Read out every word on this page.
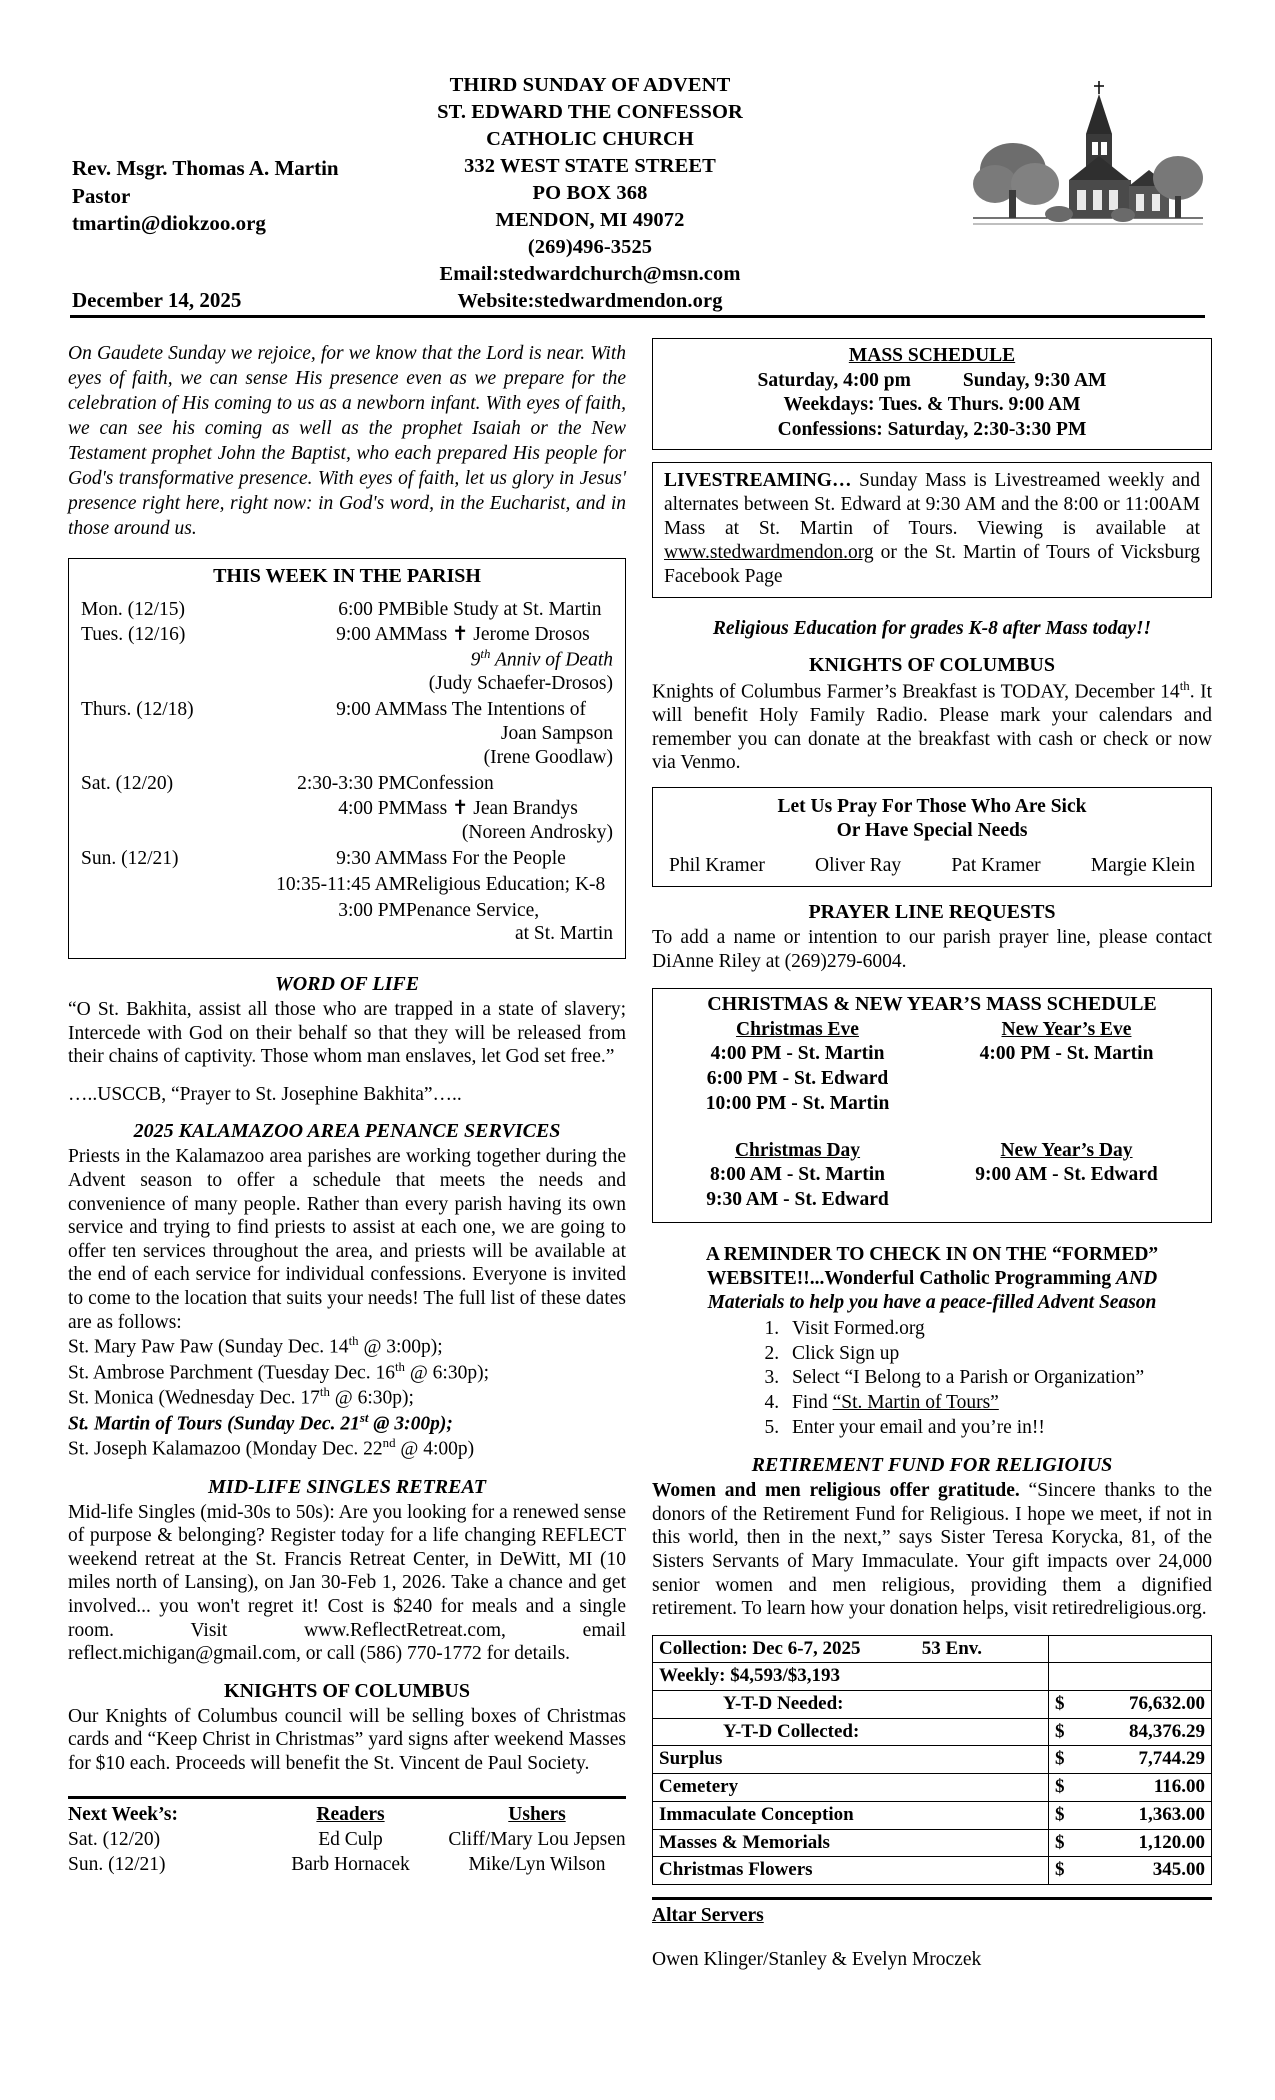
Rev. Msgr. Thomas A. Martin
Pastor
tmartin@diokzoo.org
December 14, 2025
THIRD SUNDAY OF ADVENT
ST. EDWARD THE CONFESSOR
CATHOLIC CHURCH
332 WEST STATE STREET
PO BOX 368
MENDON, MI 49072
(269)496-3525
Email:stedwardchurch@msn.com
Website:stedwardmendon.org

On Gaudete Sunday we rejoice, for we know that the Lord is near. With eyes of faith, we can sense His presence even as we prepare for the celebration of His coming to us as a newborn infant. With eyes of faith, we can see his coming as well as the prophet Isaiah or the New Testament prophet John the Baptist, who each prepared His people for God's transformative presence. With eyes of faith, let us glory in Jesus' presence right here, right now: in God's word, in the Eucharist, and in those around us.

THIS WEEK IN THE PARISH
Mon. (12/15)	6:00 PM	Bible Study at St. Martin
Tues. (12/16)	9:00 AM	Mass ✝ Jerome Drosos
9th Anniv of Death
(Judy Schaefer-Drosos)

Thurs. (12/18)	9:00 AM	Mass The Intentions of
Joan Sampson
(Irene Goodlaw)

Sat. (12/20)	2:30-3:30 PM	Confession
	4:00 PM	Mass ✝ Jean Brandys
(Noreen Androsky)

Sun. (12/21)	9:30 AM	Mass For the People
	10:35-11:45 AM	Religious Education; K-8
	3:00 PM	Penance Service,
at St. Martin
WORD OF LIFE

“O St. Bakhita, assist all those who are trapped in a state of slavery; Intercede with God on their behalf so that they will be released from their chains of captivity. Those whom man enslaves, let God set free.”

…..USCCB, “Prayer to St. Josephine Bakhita”…..

2025 KALAMAZOO AREA PENANCE SERVICES

Priests in the Kalamazoo area parishes are working together during the Advent season to offer a schedule that meets the needs and convenience of many people. Rather than every parish having its own service and trying to find priests to assist at each one, we are going to offer ten services throughout the area, and priests will be available at the end of each service for individual confessions. Everyone is invited to come to the location that suits your needs! The full list of these dates are as follows:

St. Mary Paw Paw (Sunday Dec. 14th @ 3:00p);
St. Ambrose Parchment (Tuesday Dec. 16th @ 6:30p);
St. Monica (Wednesday Dec. 17th @ 6:30p);
St. Martin of Tours (Sunday Dec. 21st @ 3:00p);
St. Joseph Kalamazoo (Monday Dec. 22nd @ 4:00p)
MID-LIFE SINGLES RETREAT

Mid-life Singles (mid-30s to 50s): Are you looking for a renewed sense of purpose & belonging? Register today for a life changing REFLECT weekend retreat at the St. Francis Retreat Center, in DeWitt, MI (10 miles north of Lansing), on Jan 30-Feb 1, 2026. Take a chance and get involved... you won't regret it! Cost is $240 for meals and a single room. Visit www.ReflectRetreat.com, email reflect.michigan@gmail.com, or call (586) 770-1772 for details.

KNIGHTS OF COLUMBUS

Our Knights of Columbus council will be selling boxes of Christmas cards and “Keep Christ in Christmas” yard signs after weekend Masses for $10 each. Proceeds will benefit the St. Vincent de Paul Society.

Next Week’s:	Readers	Ushers
Sat. (12/20)	Ed Culp	Cliff/Mary Lou Jepsen
Sun. (12/21)	Barb Hornacek	Mike/Lyn Wilson
MASS SCHEDULE
Saturday, 4:00 pm	Sunday, 9:30 AM
Weekdays: Tues. & Thurs. 9:00 AM
Confessions: Saturday, 2:30-3:30 PM
LIVESTREAMING… Sunday Mass is Livestreamed weekly and alternates between St. Edward at 9:30 AM and the 8:00 or 11:00AM Mass at St. Martin of Tours. Viewing is available at www.stedwardmendon.org or the St. Martin of Tours of Vicksburg Facebook Page
Religious Education for grades K-8 after Mass today!!
KNIGHTS OF COLUMBUS

Knights of Columbus Farmer’s Breakfast is TODAY, December 14th. It will benefit Holy Family Radio. Please mark your calendars and remember you can donate at the breakfast with cash or check or now via Venmo.

Let Us Pray For Those Who Are Sick
Or Have Special Needs
Phil Kramer	Oliver Ray	Pat Kramer	Margie Klein
PRAYER LINE REQUESTS

To add a name or intention to our parish prayer line, please contact DiAnne Riley at (269)279-6004.

CHRISTMAS & NEW YEAR’S MASS SCHEDULE
Christmas Eve
4:00 PM - St. Martin
6:00 PM - St. Edward
10:00 PM - St. Martin
New Year’s Eve
4:00 PM - St. Martin
Christmas Day
8:00 AM - St. Martin
9:30 AM - St. Edward
New Year’s Day
9:00 AM - St. Edward
A REMINDER TO CHECK IN ON THE “FORMED”
WEBSITE!!...Wonderful Catholic Programming AND
Materials to help you have a peace-filled Advent Season
1. Visit Formed.org
2. Click Sign up
3. Select “I Belong to a Parish or Organization”
4. Find “St. Martin of Tours”
5. Enter your email and you’re in!!
RETIREMENT FUND FOR RELIGIOIUS

Women and men religious offer gratitude. “Sincere thanks to the donors of the Retirement Fund for Religious. I hope we meet, if not in this world, then in the next,” says Sister Teresa Korycka, 81, of the Sisters Servants of Mary Immaculate. Your gift impacts over 24,000 senior women and men religious, providing them a dignified retirement. To learn how your donation helps, visit retiredreligious.org.

Collection: Dec 6-7, 2025 53 Env.	

Weekly: $4,593/$3,193	
Y-T-D Needed:	$ 76,632.00
Y-T-D Collected:	$ 84,376.29
Surplus	$ 7,744.29
Cemetery	$ 116.00
Immaculate Conception	$ 1,363.00
Masses & Memorials	$ 1,120.00
Christmas Flowers	$ 345.00
Altar Servers
Owen Klinger/Stanley & Evelyn Mroczek
